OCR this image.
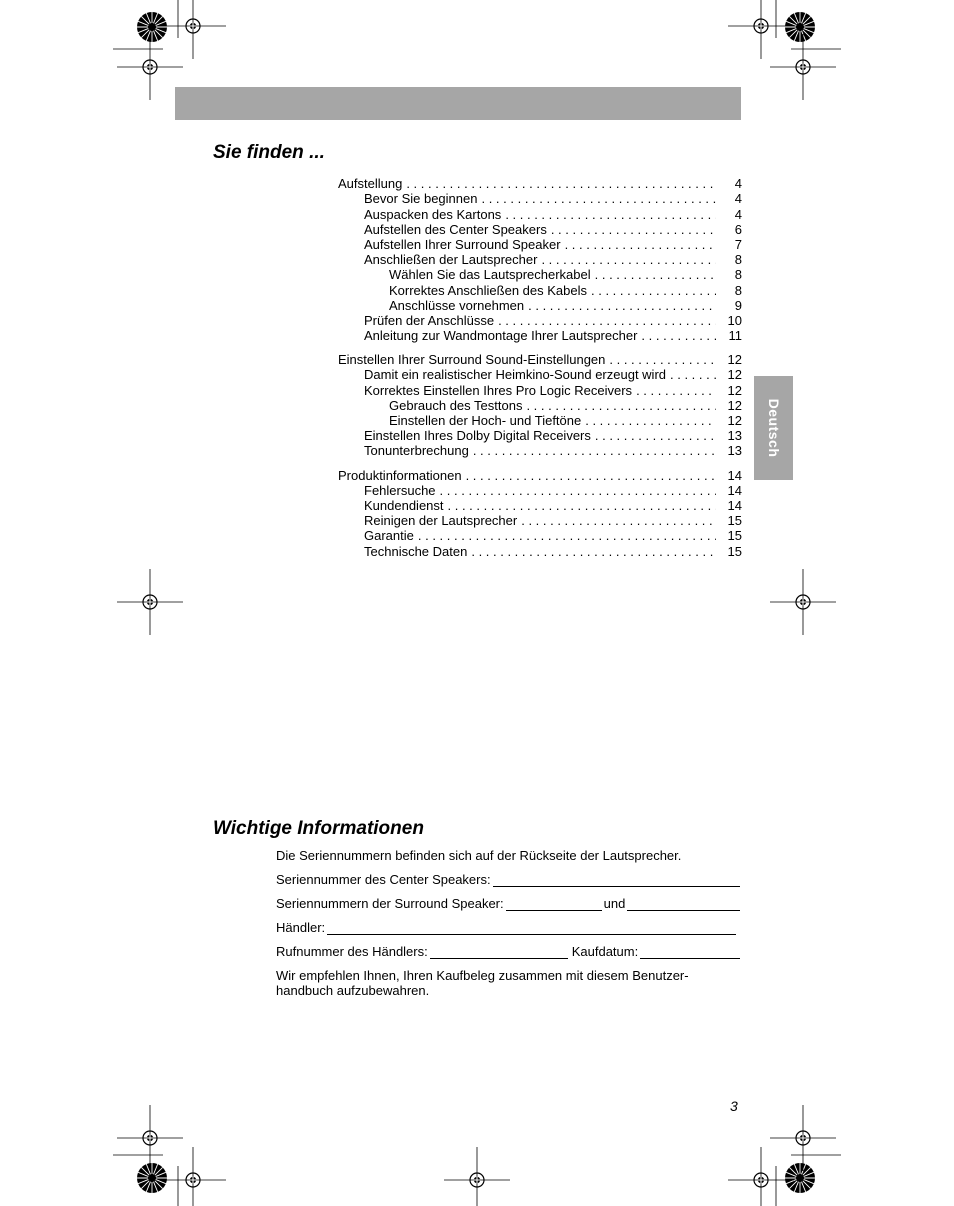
Sie finden ...
Aufstellung . . .	4
Bevor Sie beginnen . . .	4
Auspacken des Kartons . . .	4
Aufstellen des Center Speakers . . .	6
Aufstellen Ihrer Surround Speaker . . .	7
Anschließen der Lautsprecher . . .	8
Wählen Sie das Lautsprecherkabel . . .	8
Korrektes Anschließen des Kabels . . .	8
Anschlüsse vornehmen . . .	9
Prüfen der Anschlüsse . . .	10
Anleitung zur Wandmontage Ihrer Lautsprecher . . .	11
Einstellen Ihrer Surround Sound-Einstellungen . . .	12
Damit ein realistischer Heimkino-Sound erzeugt wird . . .	12
Korrektes Einstellen Ihres Pro Logic Receivers . . .	12
Gebrauch des Testtons . . .	12
Einstellen der Hoch- und Tieftöne . . .	12
Einstellen Ihres Dolby Digital Receivers . . .	13
Tonunterbrechung . . .	13
Produktinformationen . . .	14
Fehlersuche . . .	14
Kundendienst . . .	14
Reinigen der Lautsprecher . . .	15
Garantie . . .	15
Technische Daten . . .	15
Deutsch
Wichtige Informationen

Die Seriennummern befinden sich auf der Rückseite der Lautsprecher.

Seriennummer des Center Speakers:
Seriennummern der Surround Speaker:	und
Händler:
Rufnummer des Händlers:	Kaufdatum:

Wir empfehlen Ihnen, Ihren Kaufbeleg zusammen mit diesem Benutzer-
handbuch aufzubewahren.

3
